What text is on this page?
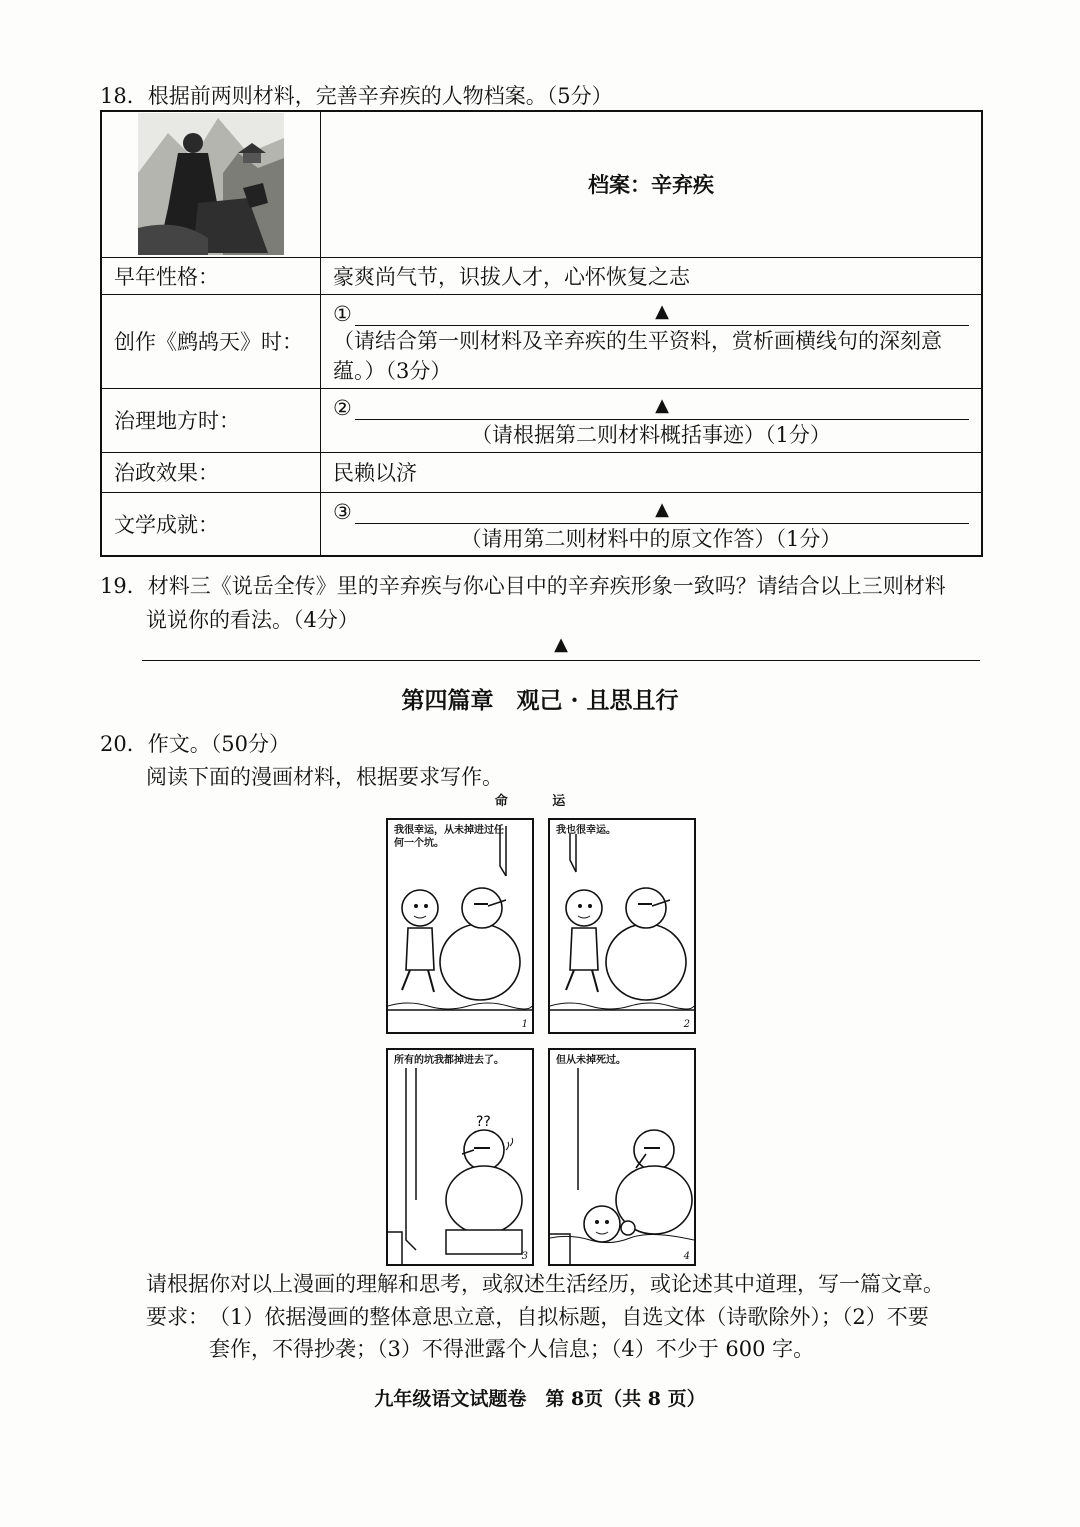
18．根据前两则材料，完善辛弃疾的人物档案。（5分）
	档案：辛弃疾
早年性格：	豪爽尚气节，识拔人才，心怀恢复之志
创作《鹧鸪天》时：	① ▲
（请结合第一则材料及辛弃疾的生平资料，赏析画横线句的深刻意蕴。）（3分）

治理地方时：	② ▲
（请根据第二则材料概括事迹）（1分）

治政效果：	民赖以济
文学成就：	③ ▲
（请用第二则材料中的原文作答）（1分）
19．材料三《说岳全传》里的辛弃疾与你心目中的辛弃疾形象一致吗？请结合以上三则材料
说说你的看法。（4分）
▲
第四篇章　观己 · 且思且行
20．作文。（50分）
阅读下面的漫画材料，根据要求写作。
命 运
我很幸运，从未掉进过任何一个坑。
1
我也很幸运。
2
??
所有的坑我都掉进去了。
3
但从未掉死过。
4
请根据你对以上漫画的理解和思考，或叙述生活经历，或论述其中道理，写一篇文章。
要求： （1）依据漫画的整体意思立意，自拟标题，自选文体（诗歌除外）；（2）不要
套作，不得抄袭；（3）不得泄露个人信息；（4）不少于 600 字。
九年级语文试题卷　第 8页（共 8 页）
